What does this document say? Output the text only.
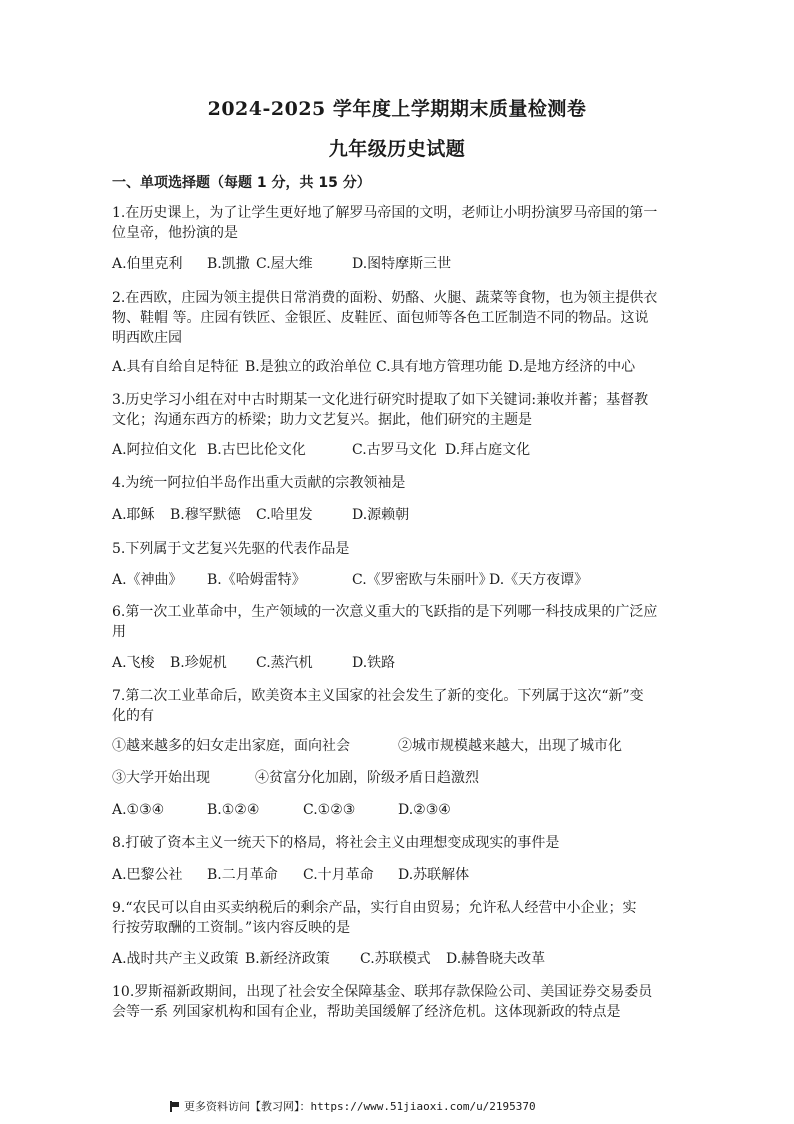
2024-2025 学年度上学期期末质量检测卷
九年级历史试题
一、单项选择题（每题 1 分，共 15 分）
1.在历史课上，为了让学生更好地了解罗马帝国的文明，老师让小明扮演罗马帝国的第一
位皇帝，他扮演的是
A.伯里克利 B.凯撒 C.屋大维	D.图特摩斯三世
2.在西欧，庄园为领主提供日常消费的面粉、奶酪、火腿、蔬菜等食物，也为领主提供衣
物、鞋帽 等。庄园有铁匠、金银匠、皮鞋匠、面包师等各色工匠制造不同的物品。这说
明西欧庄园
A.具有自给自足特征 B.是独立的政治单位 C.具有地方管理功能 D.是地方经济的中心
3.历史学习小组在对中古时期某一文化进行研究时提取了如下关键词:兼收并蓄；基督教
文化；沟通东西方的桥梁；助力文艺复兴。据此，他们研究的主题是
A.阿拉伯文化 B.古巴比伦文化	C.古罗马文化 D.拜占庭文化
4.为统一阿拉伯半岛作出重大贡献的宗教领袖是
A.耶稣 B.穆罕默德 C.哈里发	D.源赖朝
5.下列属于文艺复兴先驱的代表作品是
A.《神曲》 B.《哈姆雷特》	C.《罗密欧与朱丽叶》
D.《天方夜谭》
6.第一次工业革命中，生产领域的一次意义重大的飞跃指的是下列哪一科技成果的广泛应
用
A.飞梭 B.珍妮机 C.蒸汽机	D.铁路
7.第二次工业革命后，欧美资本主义国家的社会发生了新的变化。下列属于这次“新”变
化的有
①越来越多的妇女走出家庭，面向社会	②城市规模越来越大，出现了城市化
③大学开始出现	④贫富分化加剧，阶级矛盾日趋激烈
A.①③④	B.①②④	C.①②③	D.②③④
8.打破了资本主义一统天下的格局，将社会主义由理想变成现实的事件是
A.巴黎公社 B.二月革命 C.十月革命 D.苏联解体
9.“农民可以自由买卖纳税后的剩余产品，实行自由贸易；允许私人经营中小企业；实
行按劳取酬的工资制。”该内容反映的是
A.战时共产主义政策 B.新经济政策 C.苏联模式 D.赫鲁晓夫改革
10.罗斯福新政期间，出现了社会安全保障基金、联邦存款保险公司、美国证券交易委员
会等一系 列国家机构和国有企业，帮助美国缓解了经济危机。这体现新政的特点是
更多资料访问【教习网】：https://www.51jiaoxi.com/u/2195370
